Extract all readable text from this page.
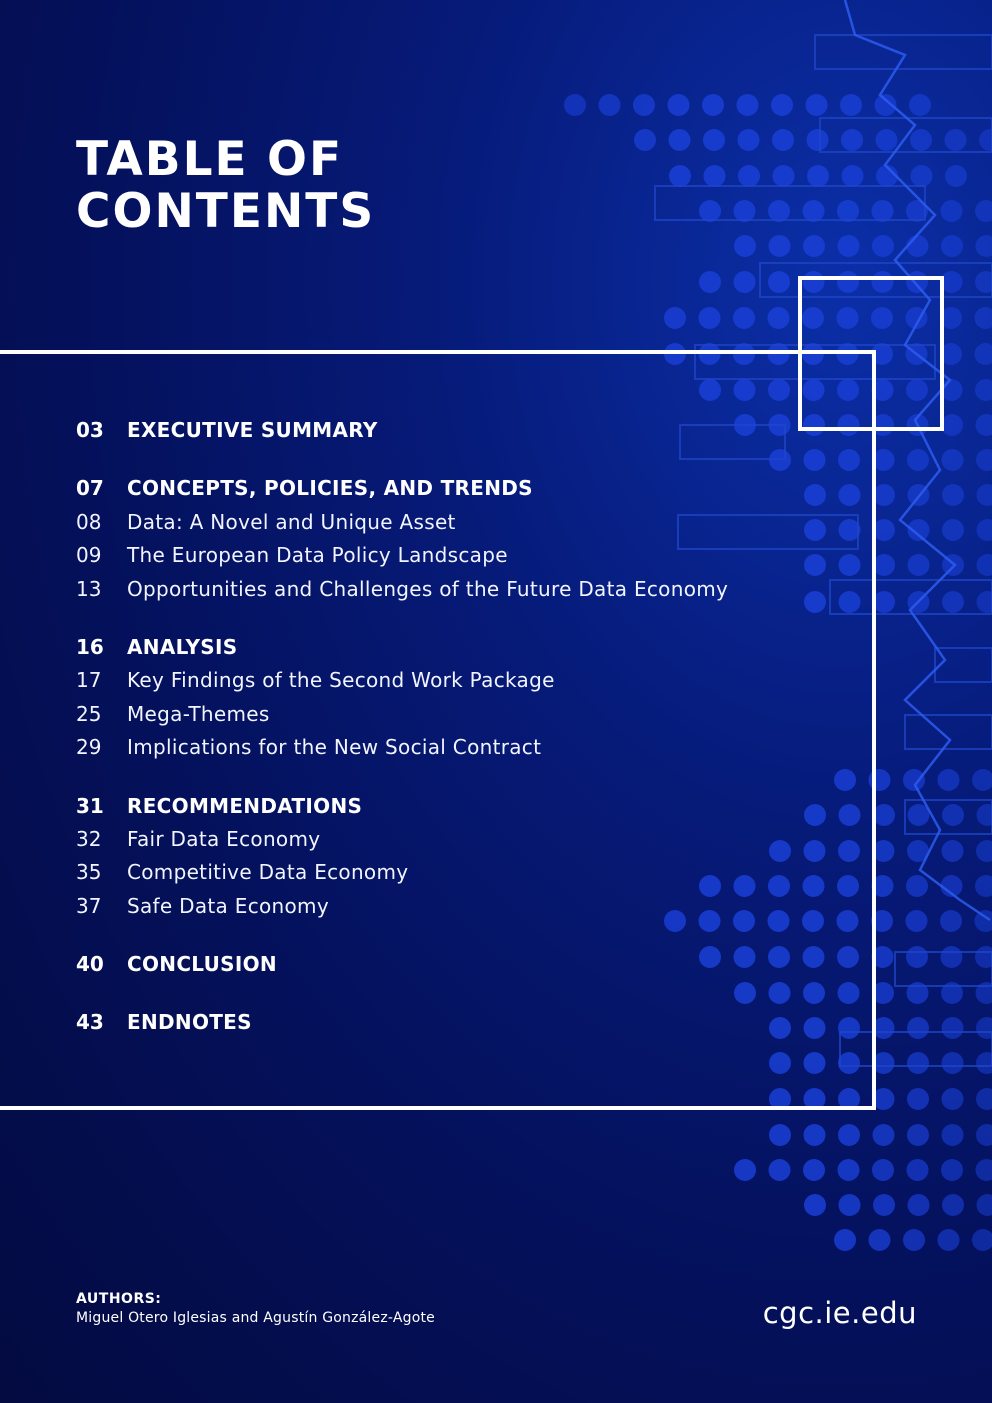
TABLE OF
CONTENTS
03	EXECUTIVE SUMMARY
07	CONCEPTS, POLICIES, AND TRENDS
08	Data: A Novel and Unique Asset
09	The European Data Policy Landscape
13	Opportunities and Challenges of the Future Data Economy
16	ANALYSIS
17	Key Findings of the Second Work Package
25	Mega-Themes
29	Implications for the New Social Contract
31	RECOMMENDATIONS
32	Fair Data Economy
35	Competitive Data Economy
37	Safe Data Economy
40	CONCLUSION
43	ENDNOTES
AUTHORS:
Miguel Otero Iglesias and Agustín González-Agote	cgc.ie.edu
